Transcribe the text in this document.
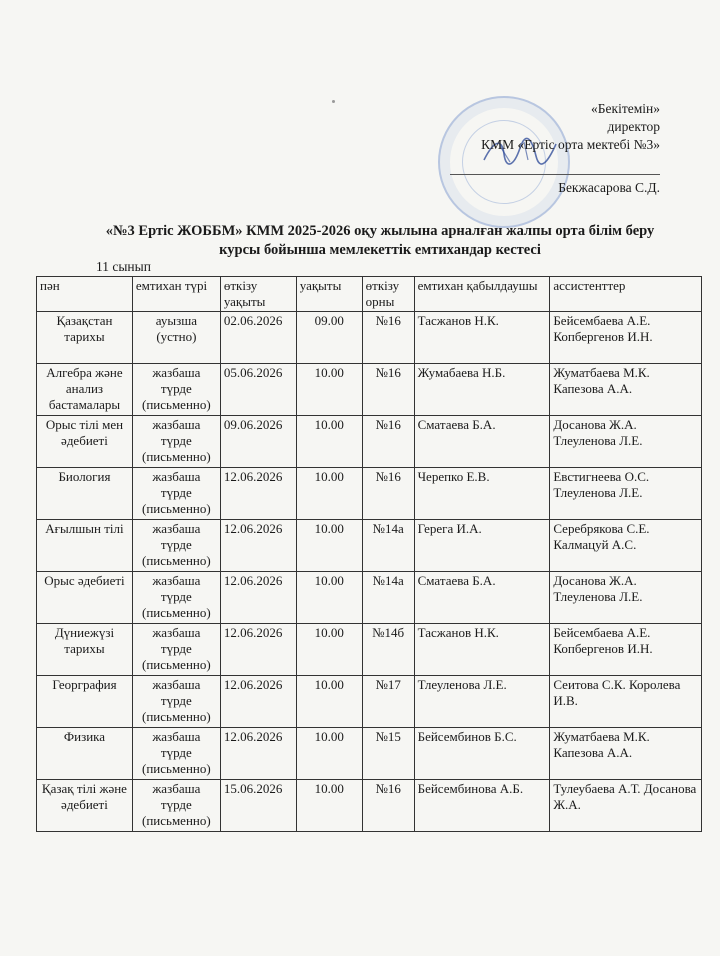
«Бекітемін»
директор
КММ «Ертіс орта мектебі №3»
Бекжасарова С.Д.
«№3 Ертіс ЖОББМ» КММ 2025-2026 оқу жылына арналған жалпы орта білім беру
курсы бойынша мемлекеттік емтихандар кестесі
11 сынып
пән	емтихан түрі	өткізу уақыты	уақыты	өткізу орны	емтихан қабылдаушы	ассистенттер
Қазақстан тарихы	ауызша (устно)	02.06.2026	09.00	№16	Тасжанов Н.К.	Бейсембаева А.Е. Копбергенов И.Н.
Алгебра және анализ бастамалары	жазбаша түрде (письменно)	05.06.2026	10.00	№16	Жумабаева Н.Б.	Жуматбаева М.К. Капезова А.А.
Орыс тілі мен әдебиеті	жазбаша түрде (письменно)	09.06.2026	10.00	№16	Сматаева Б.А.	Досанова Ж.А. Тлеуленова Л.Е.
Биология	жазбаша түрде (письменно)	12.06.2026	10.00	№16	Черепко Е.В.	Евстигнеева О.С. Тлеуленова Л.Е.
Ағылшын тілі	жазбаша түрде (письменно)	12.06.2026	10.00	№14а	Герега И.А.	Серебрякова С.Е. Калмацуй А.С.
Орыс әдебиеті	жазбаша түрде (письменно)	12.06.2026	10.00	№14а	Сматаева Б.А.	Досанова Ж.А. Тлеуленова Л.Е.
Дүниежүзі тарихы	жазбаша түрде (письменно)	12.06.2026	10.00	№14б	Тасжанов Н.К.	Бейсембаева А.Е. Копбергенов И.Н.
Георграфия	жазбаша түрде (письменно)	12.06.2026	10.00	№17	Тлеуленова Л.Е.	Сеитова С.К. Королева И.В.
Физика	жазбаша түрде (письменно)	12.06.2026	10.00	№15	Бейсембинов Б.С.	Жуматбаева М.К. Капезова А.А.
Қазақ тілі және әдебиеті	жазбаша түрде (письменно)	15.06.2026	10.00	№16	Бейсембинова А.Б.	Тулеубаева А.Т. Досанова Ж.А.
